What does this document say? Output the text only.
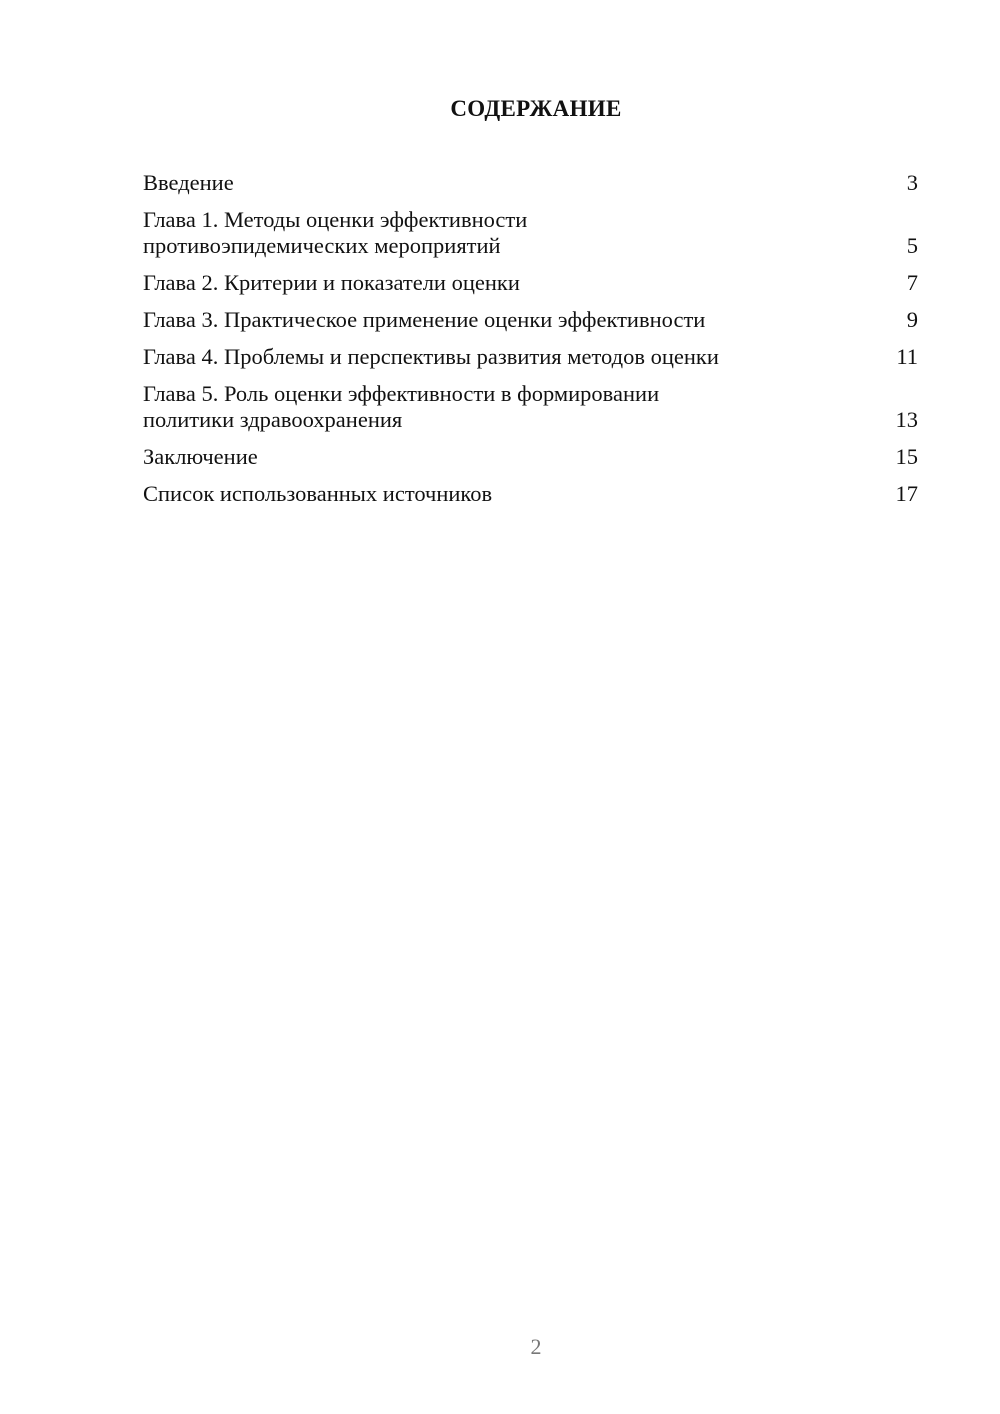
СОДЕРЖАНИЕ
Введение	3
Глава 1. Методы оценки эффективности
противоэпидемических мероприятий	5
Глава 2. Критерии и показатели оценки	7
Глава 3. Практическое применение оценки эффективности	9
Глава 4. Проблемы и перспективы развития методов оценки	11
Глава 5. Роль оценки эффективности в формировании
политики здравоохранения	13
Заключение	15
Список использованных источников	17
2
